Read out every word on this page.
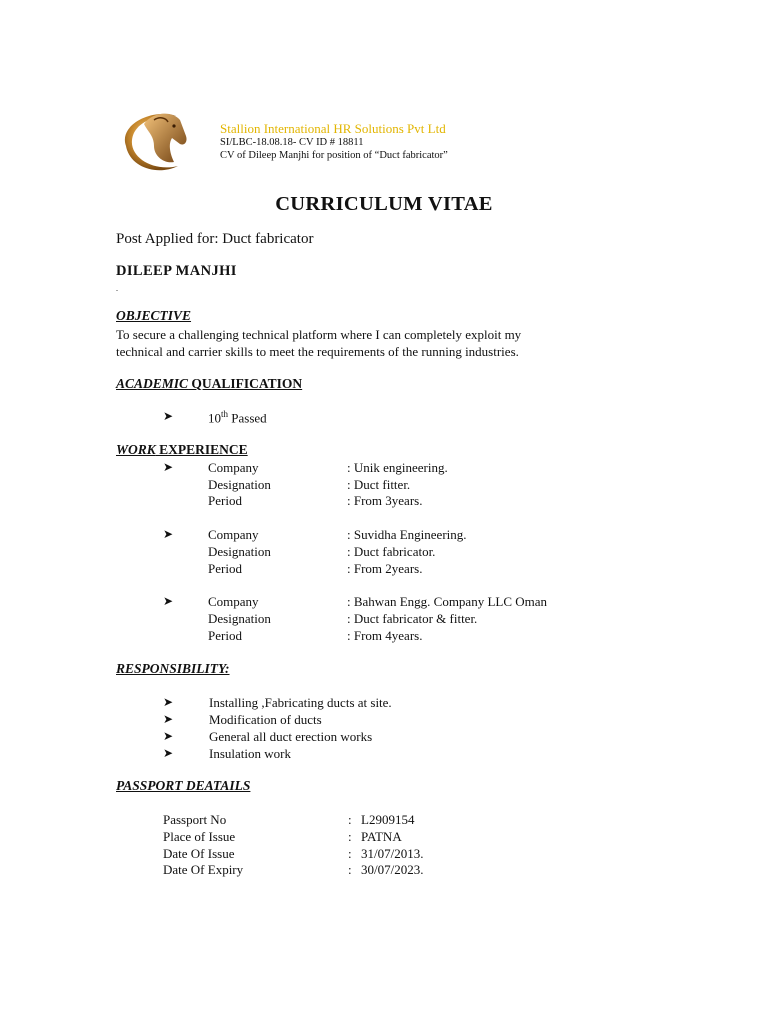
Stallion International HR Solutions Pvt Ltd
SI/LBC-18.08.18- CV ID # 18811
CV of Dileep Manjhi for position of “Duct fabricator”
CURRICULUM VITAE
Post Applied for: Duct fabricator
DILEEP MANJHI
.
OBJECTIVE
To secure a challenging technical platform where I can completely exploit my
technical and carrier skills to meet the requirements of the running industries.
ACADEMIC QUALIFICATION
➤	10th Passed
WORK EXPERIENCE
➤	Company	: Unik engineering.
Designation	: Duct fitter.
Period	: From 3years.
➤	Company	: Suvidha Engineering.
Designation	: Duct fabricator.
Period	: From 2years.
➤	Company	: Bahwan Engg. Company LLC Oman
Designation	: Duct fabricator & fitter.
Period	: From 4years.
RESPONSIBILITY:
➤	Installing ,Fabricating ducts at site.
➤	Modification of ducts
➤	General all duct erection works
➤	Insulation work
PASSPORT DEATAILS
Passport No	: L2909154
Place of Issue	: PATNA
Date Of Issue	: 31/07/2013.
Date Of Expiry	: 30/07/2023.
